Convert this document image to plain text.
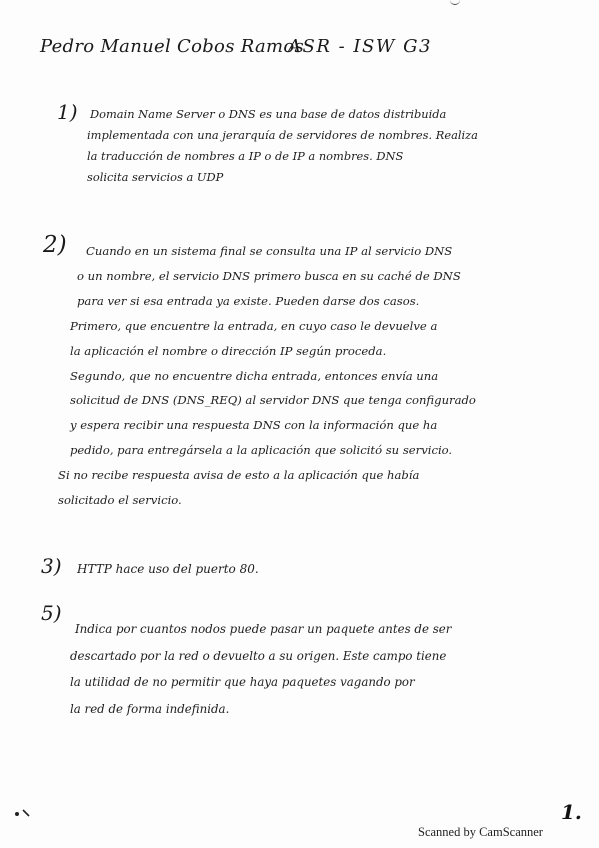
Pedro Manuel Cobos Ramos
ASR - ISW G3
1) Domain Name Server o DNS es una base de datos distribuida
implementada con una jerarquía de servidores de nombres. Realiza
la traducción de nombres a IP o de IP a nombres. DNS
solicita servicios a UDP

2) Cuando en un sistema final se consulta una IP al servicio DNS
o un nombre, el servicio DNS primero busca en su caché de DNS
para ver si esa entrada ya existe. Pueden darse dos casos.
Primero, que encuentre la entrada, en cuyo caso le devuelve a
la aplicación el nombre o dirección IP según proceda.
Segundo, que no encuentre dicha entrada, entonces envía una
solicitud de DNS (DNS_REQ) al servidor DNS que tenga configurado
y espera recibir una respuesta DNS con la información que ha
pedido, para entregársela a la aplicación que solicitó su servicio.
Si no recibe respuesta avisa de esto a la aplicación que había
solicitado el servicio.

3) HTTP hace uso del puerto 80.

5)

Indica por cuantos nodos puede pasar un paquete antes de ser
descartado por la red o devuelto a su origen. Este campo tiene
la utilidad de no permitir que haya paquetes vagando por
la red de forma indefinida.

1.
Scanned by CamScanner
